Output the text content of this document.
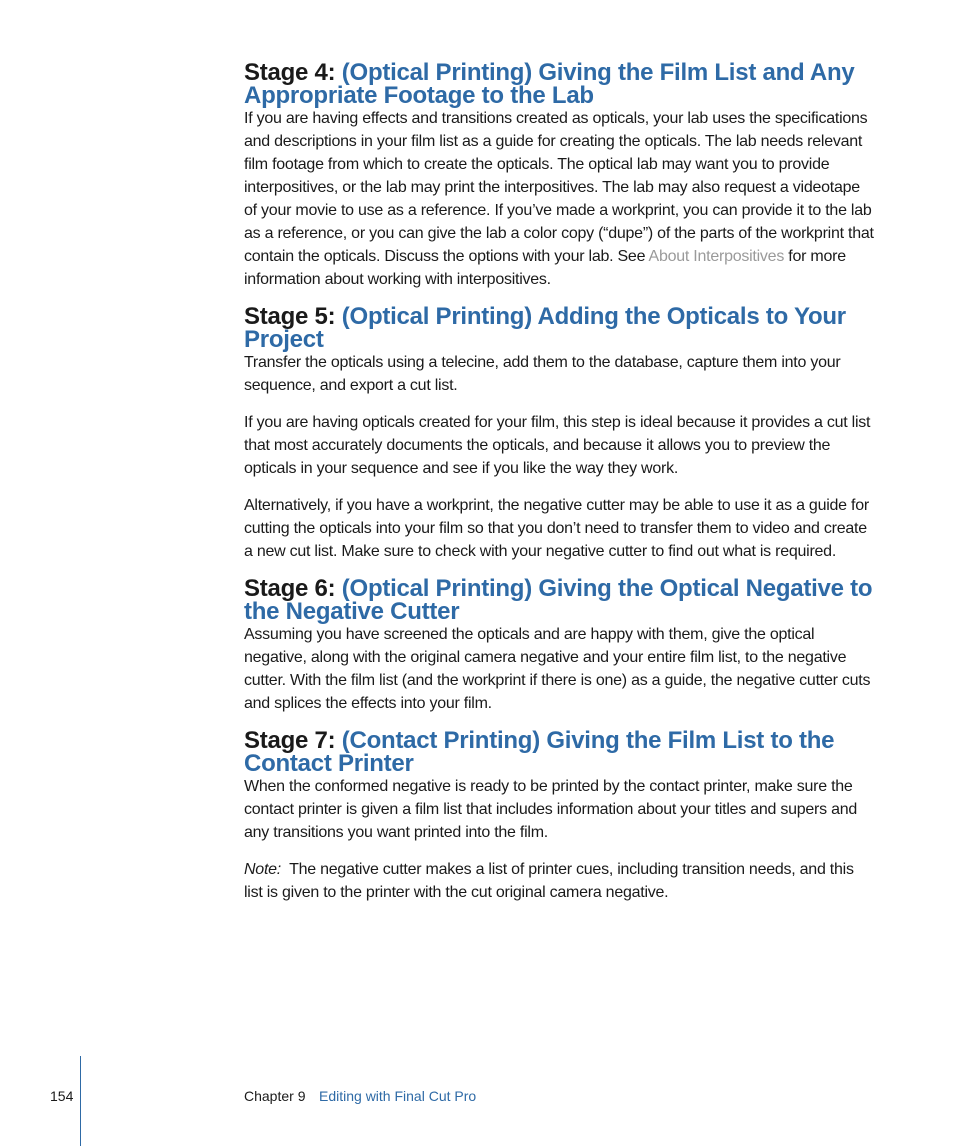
Stage 4: (Optical Printing) Giving the Film List and Any Appropriate Footage to the Lab

If you are having effects and transitions created as opticals, your lab uses the specifications and descriptions in your film list as a guide for creating the opticals. The lab needs relevant film footage from which to create the opticals. The optical lab may want you to provide interpositives, or the lab may print the interpositives. The lab may also request a videotape of your movie to use as a reference. If you’ve made a workprint, you can provide it to the lab as a reference, or you can give the lab a color copy (“dupe”) of the parts of the workprint that contain the opticals. Discuss the options with your lab. See About Interpositives for more information about working with interpositives.

Stage 5: (Optical Printing) Adding the Opticals to Your Project

Transfer the opticals using a telecine, add them to the database, capture them into your sequence, and export a cut list.

If you are having opticals created for your film, this step is ideal because it provides a cut list that most accurately documents the opticals, and because it allows you to preview the opticals in your sequence and see if you like the way they work.

Alternatively, if you have a workprint, the negative cutter may be able to use it as a guide for cutting the opticals into your film so that you don’t need to transfer them to video and create a new cut list. Make sure to check with your negative cutter to find out what is required.

Stage 6: (Optical Printing) Giving the Optical Negative to the Negative Cutter

Assuming you have screened the opticals and are happy with them, give the optical negative, along with the original camera negative and your entire film list, to the negative cutter. With the film list (and the workprint if there is one) as a guide, the negative cutter cuts and splices the effects into your film.

Stage 7: (Contact Printing) Giving the Film List to the Contact Printer

When the conformed negative is ready to be printed by the contact printer, make sure the contact printer is given a film list that includes information about your titles and supers and any transitions you want printed into the film.

Note:  The negative cutter makes a list of printer cues, including transition needs, and this list is given to the printer with the cut original camera negative.

154	Chapter 9 Editing with Final Cut Pro
